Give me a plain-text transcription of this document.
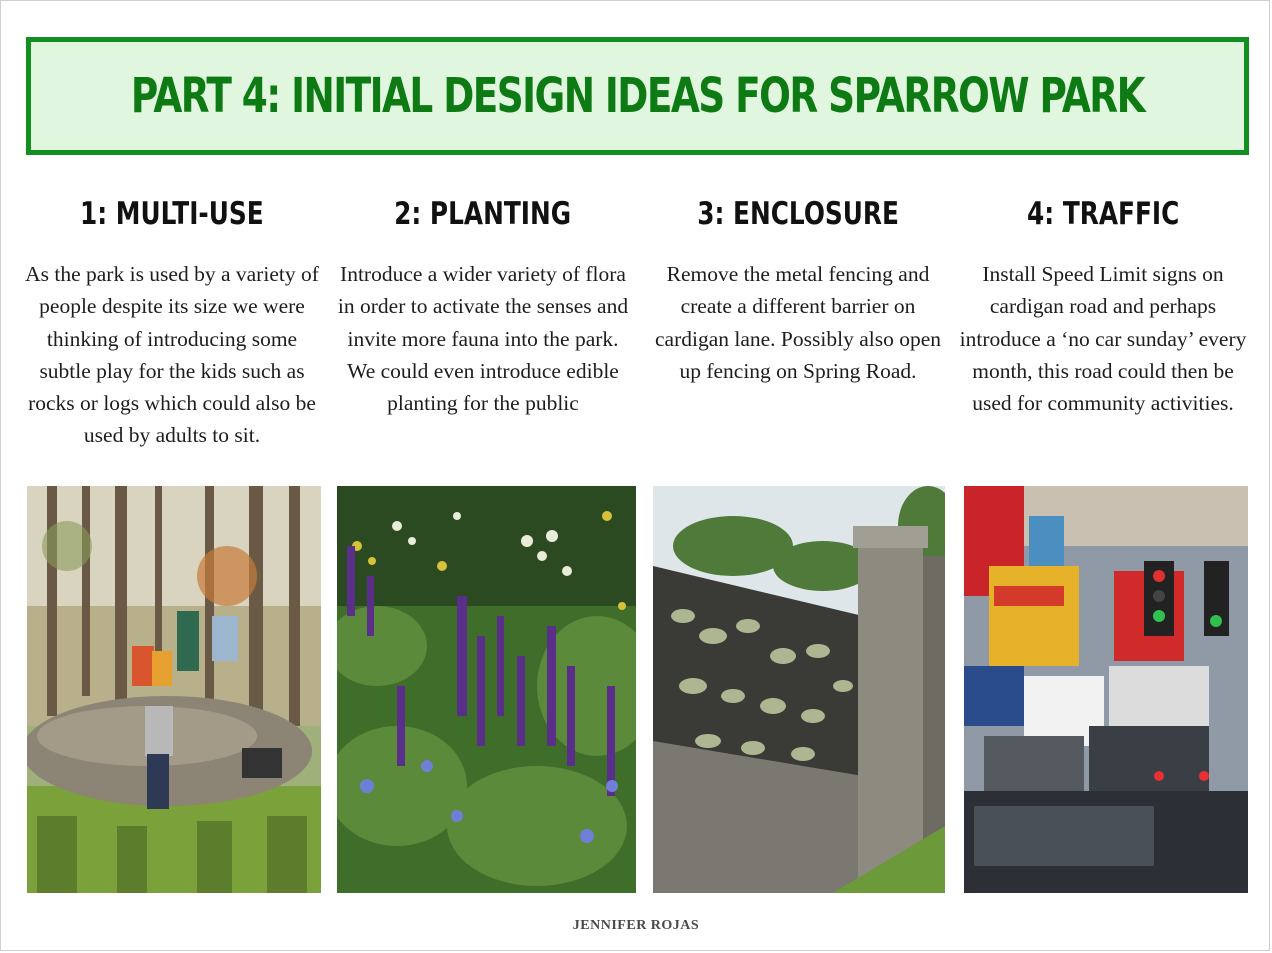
PART 4: INITIAL DESIGN IDEAS FOR SPARROW PARK
1: MULTI-USE
As the park is used by a variety of people despite its size we were thinking of introducing some subtle play for the kids such as rocks or logs which could also be used by adults to sit.
2: PLANTING
Introduce a wider variety of flora in order to activate the senses and invite more fauna into the park. We could even introduce edible planting for the public
3: ENCLOSURE
Remove the metal fencing and create a different barrier on cardigan lane. Possibly also open up fencing on Spring Road.
4: TRAFFIC
Install Speed Limit signs on cardigan road and perhaps introduce a ‘no car sunday’ every month, this road could then be used for community activities.
JENNIFER ROJAS
